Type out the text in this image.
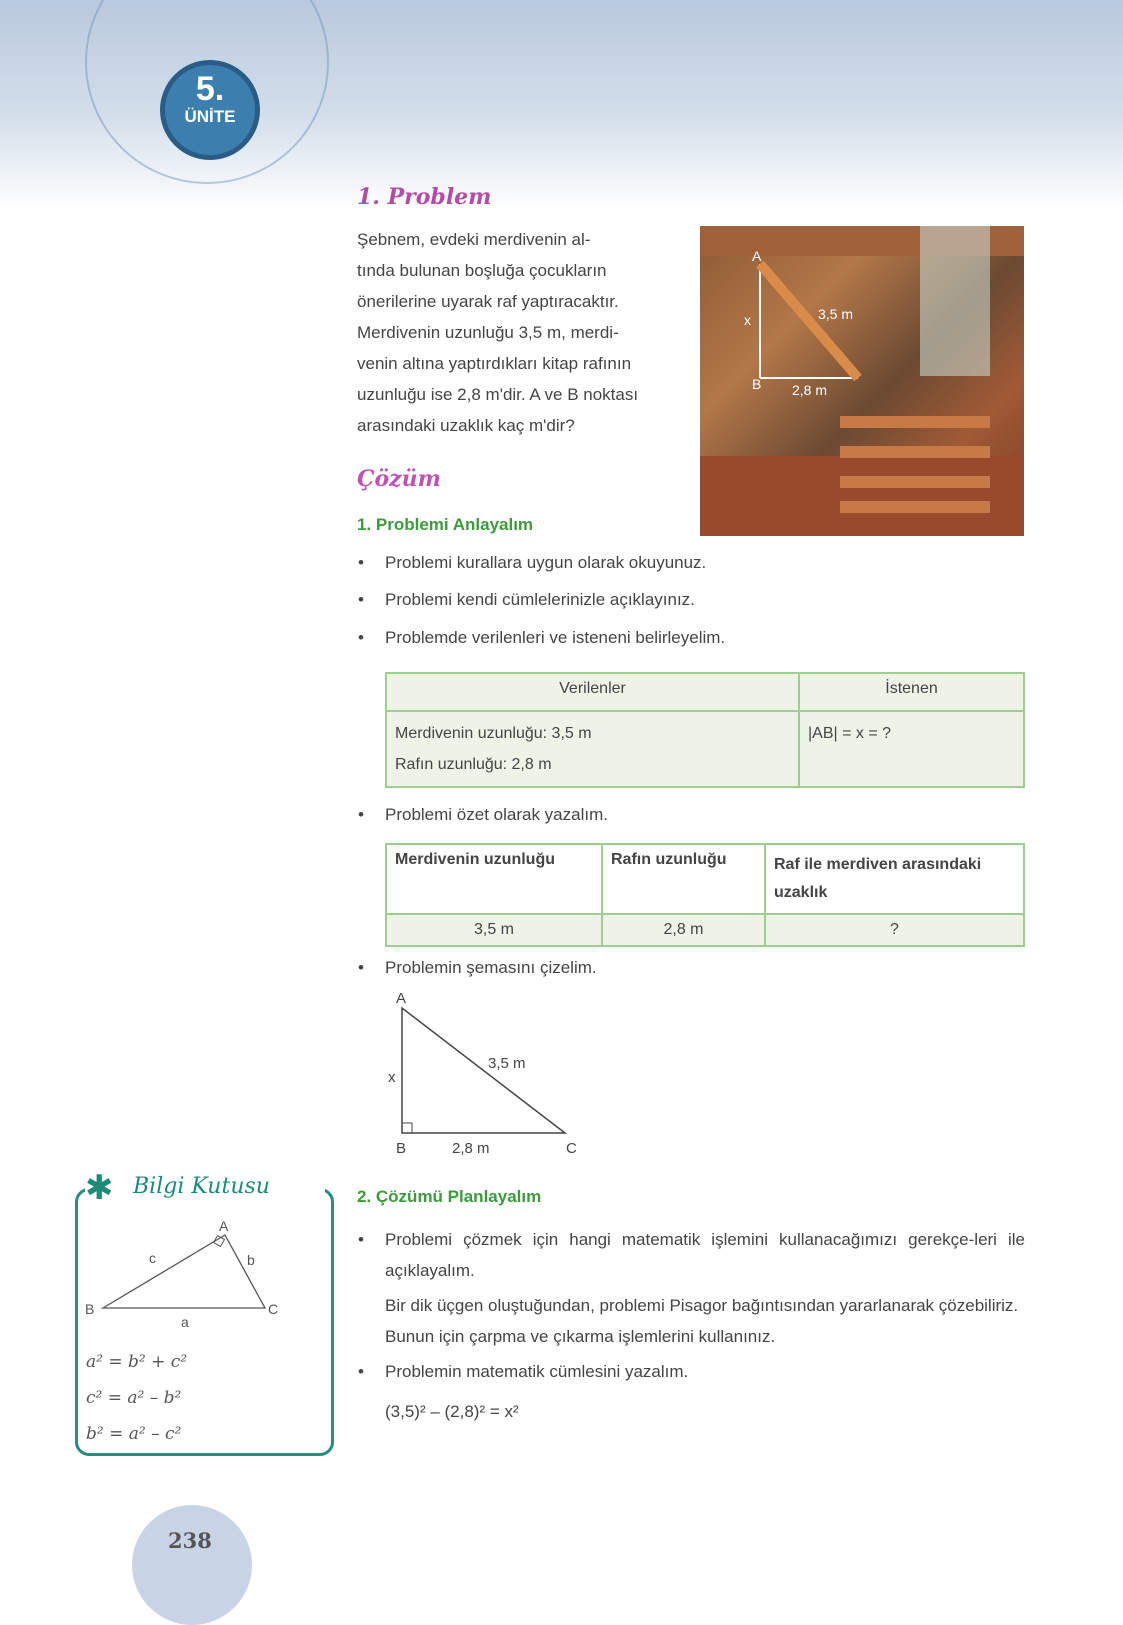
5.
ÜNİTE
1. Problem
Şebnem, evdeki merdivenin al-
tında bulunan boşluğa çocukların
önerilerine uyarak raf yaptıracaktır.
Merdivenin uzunluğu 3,5 m, merdi-
venin altına yaptırdıkları kitap rafının
uzunluğu ise 2,8 m'dir. A ve B noktası
arasındaki uzaklık kaç m'dir?
A
x	3,5 m
B 2,8 m
Çözüm
1. Problemi Anlayalım
• Problemi kurallara uygun olarak okuyunuz.
• Problemi kendi cümlelerinizle açıklayınız.
• Problemde verilenleri ve isteneni belirleyelim.
Verilenler	İstenen

Merdivenin uzunluğu: 3,5 m
Rafın uzunluğu: 2,8 m	|AB| = x = ?
• Problemi özet olarak yazalım.
Merdivenin uzunluğu	Rafın uzunluğu	Raf ile merdiven arasındaki uzaklık
3,5 m	2,8 m	?
• Problemin şemasını çizelim.
A
x
3,5 m
B	2,8 m	C
2. Çözümü Planlayalım
• Problemi çözmek için hangi matematik işlemini kullanacağımızı gerekçe-leri ile açıklayalım.
Bir dik üçgen oluştuğundan, problemi Pisagor bağıntısından yararlanarak çözebiliriz. Bunun için çarpma ve çıkarma işlemlerini kullanınız.
• Problemin matematik cümlesini yazalım.
(3,5)² – (2,8)² = x²
✱ Bilgi Kutusu
A
B	C
a
b
c
a² = b² + c²
c² = a² – b²
b² = a² – c²
238
